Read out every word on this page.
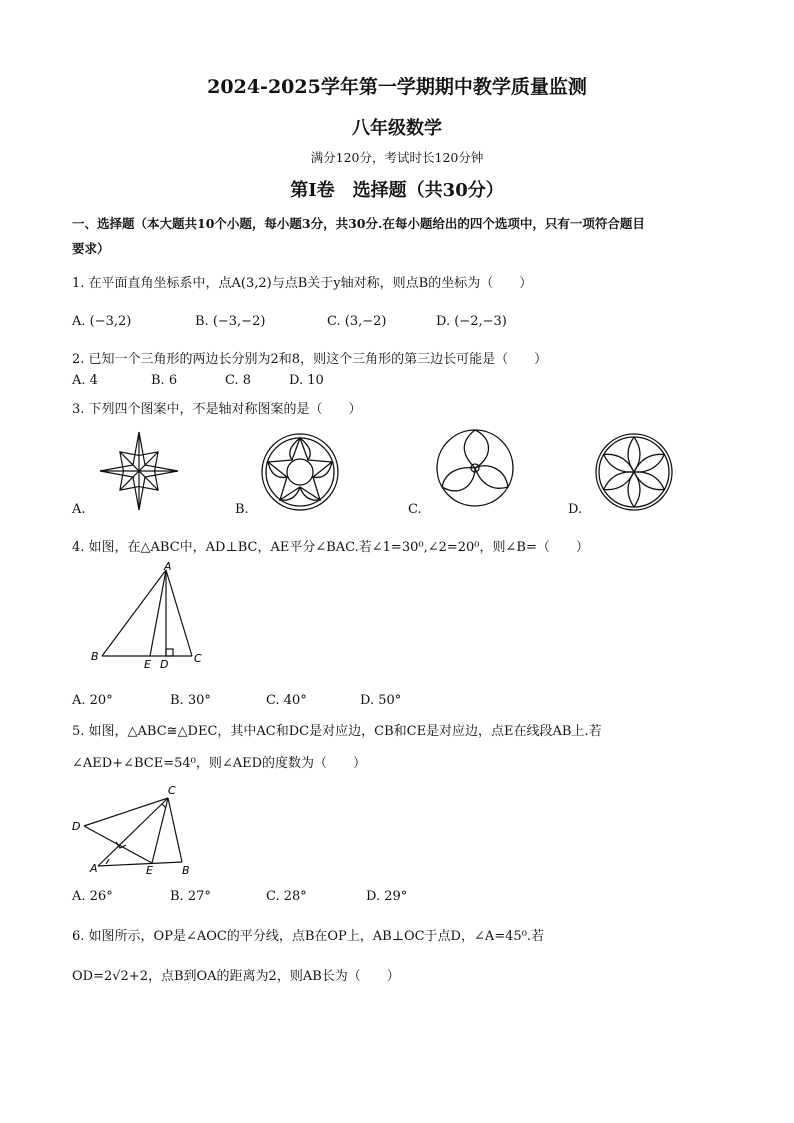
2024-2025学年第一学期期中教学质量监测
八年级数学
满分120分，考试时长120分钟
第I卷　选择题（共30分）
一、选择题（本大题共10个小题，每小题3分，共30分.在每小题给出的四个选项中，只有一项符合题目
要求）
1. 在平面直角坐标系中，点A(3,2)与点B关于y轴对称，则点B的坐标为（　　）
A. (−3,2)	B. (−3,−2)	C. (3,−2)	D. (−2,−3)
2. 已知一个三角形的两边长分别为2和8，则这个三角形的第三边长可能是（　　）
A. 4	B. 6	C. 8	D. 10
3. 下列四个图案中，不是轴对称图案的是（　　）
A.	B.	C.	D.
4. 如图，在△ABC中，AD⊥BC，AE平分∠BAC.若∠1=30⁰,∠2=20⁰，则∠B=（　　）
A
B	C
D
E
A. 20°	B. 30°	C. 40°	D. 50°
5. 如图，△ABC≅△DEC，其中AC和DC是对应边，CB和CE是对应边，点E在线段AB上.若
∠AED+∠BCE=54⁰，则∠AED的度数为（　　）
C
D
A	E	B
A. 26°	B. 27°	C. 28°	D. 29°
6. 如图所示，OP是∠AOC的平分线，点B在OP上，AB⊥OC于点D，∠A=45⁰.若
OD=2√2+2，点B到OA的距离为2，则AB长为（　　）
